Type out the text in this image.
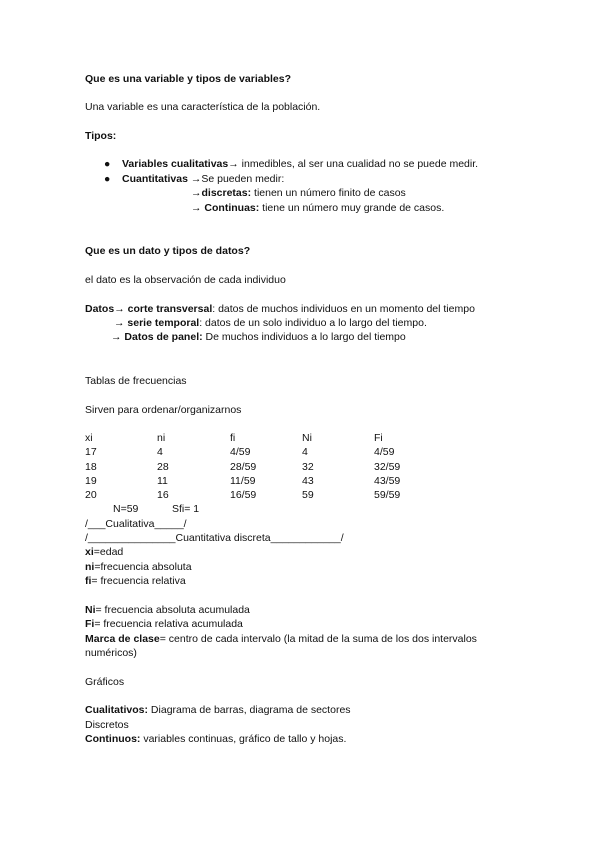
Que es una variable y tipos de variables?
Una variable es una característica de la población.
Tipos:
● Variables cualitativas→ inmedibles, al ser una cualidad no se puede medir.
● Cuantitativas →Se pueden medir:
→discretas: tienen un número finito de casos
→ Continuas: tiene un número muy grande de casos.
Que es un dato y tipos de datos?
el dato es la observación de cada individuo
Datos→ corte transversal: datos de muchos individuos en un momento del tiempo
→ serie temporal: datos de un solo individuo a lo largo del tiempo.
→ Datos de panel: De muchos individuos a lo largo del tiempo
Tablas de frecuencias
Sirven para ordenar/organizarnos
xi	ni	fi	Ni	Fi
17	4	4/59	4	4/59
18	28	28/59	32	32/59
19	11	11/59	43	43/59
20	16	16/59	59	59/59
N=59	Sfi= 1
/___Cualitativa_____/
/_______________Cuantitativa discreta____________/
xi=edad
ni=frecuencia absoluta
fi= frecuencia relativa
Ni= frecuencia absoluta acumulada
Fi= frecuencia relativa acumulada
Marca de clase= centro de cada intervalo (la mitad de la suma de los dos intervalos
numéricos)
Gráficos
Cualitativos: Diagrama de barras, diagrama de sectores
Discretos
Continuos: variables continuas, gráfico de tallo y hojas.
